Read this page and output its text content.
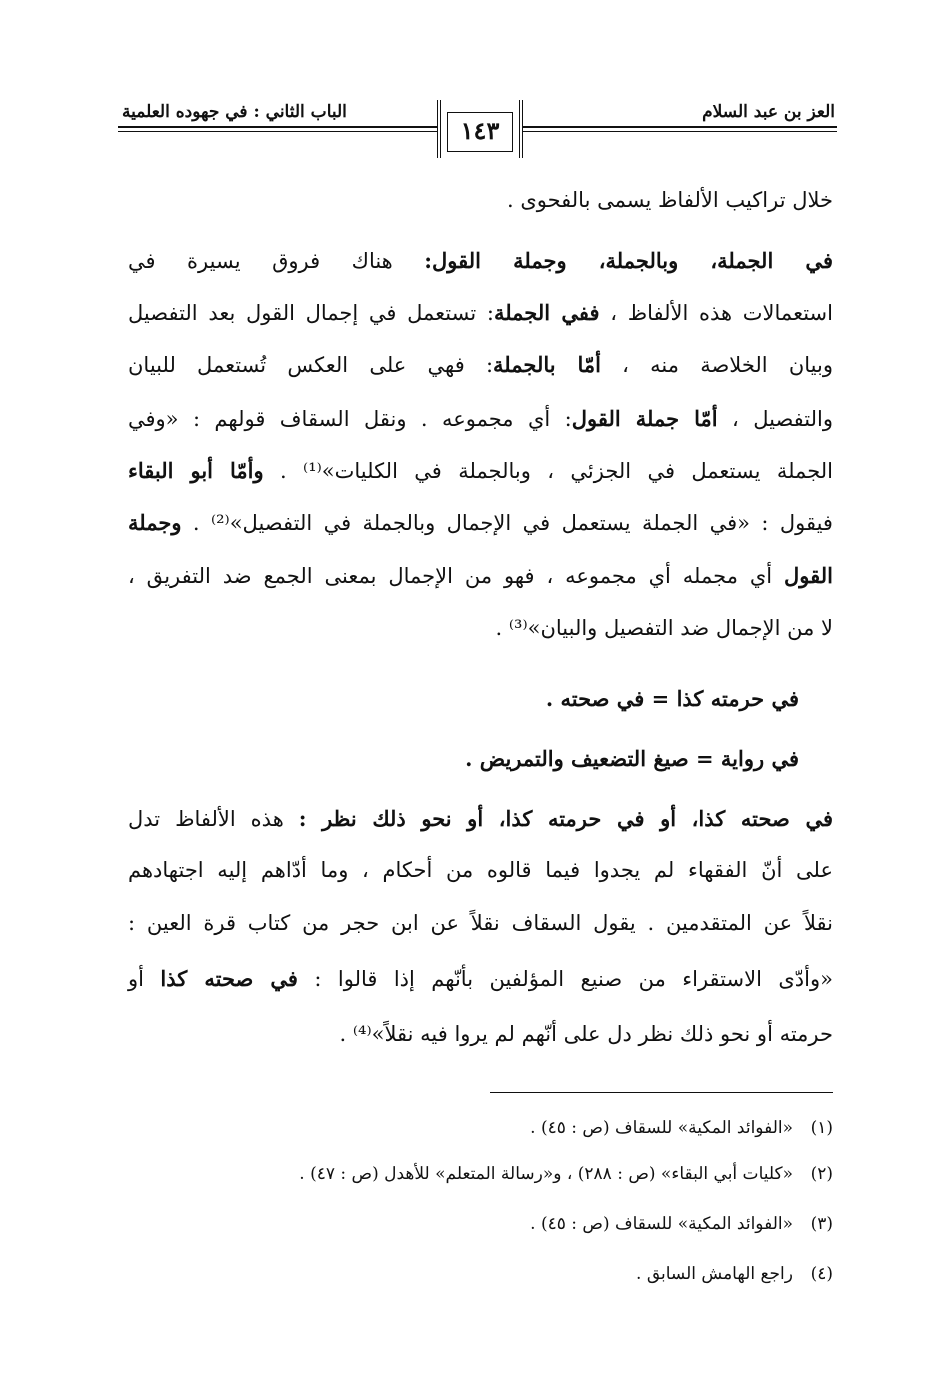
العز بن عبد السلام
الباب الثاني : في جهوده العلمية
١٤٣
خلال تراكيب الألفاظ يسمى بالفحوى .
في الجملة، وبالجملة، وجملة القول: هناك فروق يسيرة في
استعمالات هذه الألفاظ ، ففي الجملة: تستعمل في إجمال القول بعد التفصيل
وبيان الخلاصة منه ، أمّا بالجملة: فهي على العكس تُستعمل للبيان
والتفصيل ، أمّا جملة القول: أي مجموعه . ونقل السقاف قولهم : «وفي
الجملة يستعمل في الجزئي ، وبالجملة في الكليات»⁽¹⁾ . وأمّا أبو البقاء
فيقول : «في الجملة يستعمل في الإجمال وبالجملة في التفصيل»⁽²⁾ . وجملة
القول أي مجمله أي مجموعه ، فهو من الإجمال بمعنى الجمع ضد التفريق ،
لا من الإجمال ضد التفصيل والبيان»⁽³⁾ .
في حرمته كذا = في صحته .
في رواية = صيغ التضعيف والتمريض .
في صحته كذا، أو في حرمته كذا، أو نحو ذلك نظر : هذه الألفاظ تدل
على أنّ الفقهاء لم يجدوا فيما قالوه من أحكام ، وما أدّاهم إليه اجتهادهم
نقلاً عن المتقدمين . يقول السقاف نقلاً عن ابن حجر من كتاب قرة العين :
«وأدّى الاستقراء من صنيع المؤلفين بأنّهم إذا قالوا : في صحته كذا أو
حرمته أو نحو ذلك نظر دل على أنّهم لم يروا فيه نقلاً»⁽⁴⁾ .
(١)«الفوائد المكية» للسقاف (ص : ٤٥) .
(٢)«كليات أبي البقاء» (ص : ٢٨٨) ، و«رسالة المتعلم» للأهدل (ص : ٤٧) .
(٣)«الفوائد المكية» للسقاف (ص : ٤٥) .
(٤)راجع الهامش السابق .
